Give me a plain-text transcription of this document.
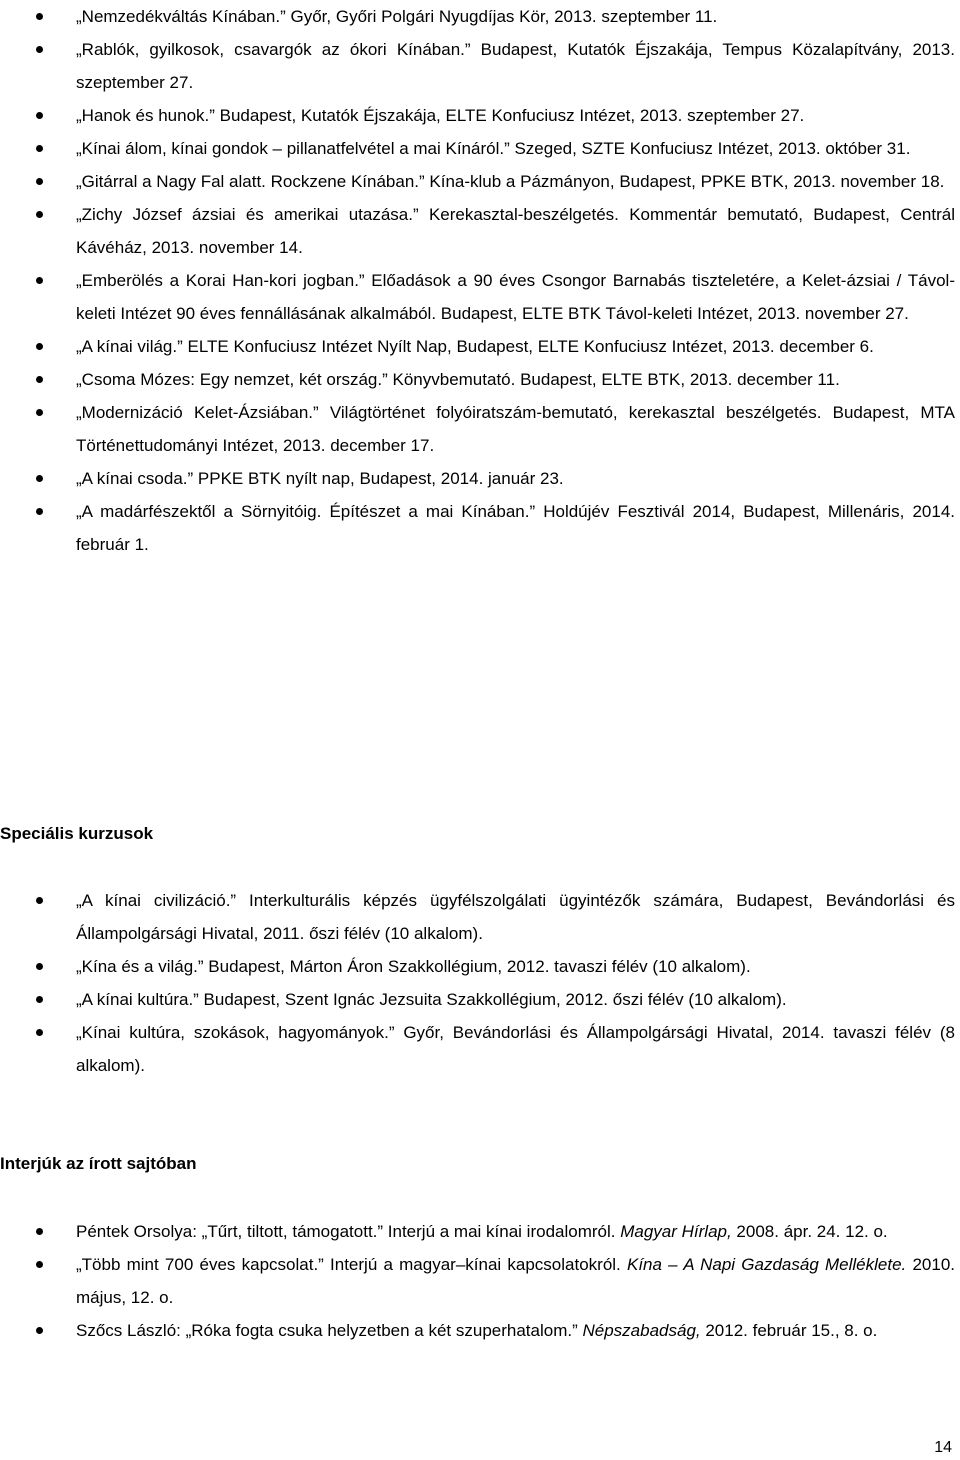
„Nemzedékváltás Kínában.” Győr, Győri Polgári Nyugdíjas Kör, 2013. szeptember 11.
„Rablók, gyilkosok, csavargók az ókori Kínában.” Budapest, Kutatók Éjszakája, Tempus Közalapítvány, 2013. szeptember 27.
„Hanok és hunok.” Budapest, Kutatók Éjszakája, ELTE Konfuciusz Intézet, 2013. szeptember 27.
„Kínai álom, kínai gondok – pillanatfelvétel a mai Kínáról.” Szeged, SZTE Konfuciusz Intézet, 2013. október 31.
„Gitárral a Nagy Fal alatt. Rockzene Kínában.” Kína-klub a Pázmányon, Budapest, PPKE BTK, 2013. november 18.
„Zichy József ázsiai és amerikai utazása.” Kerekasztal-beszélgetés. Kommentár bemutató, Budapest, Centrál Kávéház, 2013. november 14.
„Emberölés a Korai Han-kori jogban.” Előadások a 90 éves Csongor Barnabás tiszteletére, a Kelet-ázsiai / Távol-keleti Intézet 90 éves fennállásának alkalmából. Budapest, ELTE BTK Távol-keleti Intézet, 2013. november 27.
„A kínai világ.” ELTE Konfuciusz Intézet Nyílt Nap, Budapest, ELTE Konfuciusz Intézet, 2013. december 6.
„Csoma Mózes: Egy nemzet, két ország.” Könyvbemutató. Budapest, ELTE BTK, 2013. december 11.
„Modernizáció Kelet-Ázsiában.” Világtörténet folyóiratszám-bemutató, kerekasztal beszélgetés. Budapest, MTA Történettudományi Intézet, 2013. december 17.
„A kínai csoda.” PPKE BTK nyílt nap, Budapest, 2014. január 23.
„A madárfészektől a Sörnyitóig. Építészet a mai Kínában.” Holdújév Fesztivál 2014, Budapest, Millenáris, 2014. február 1.
Speciális kurzusok
„A kínai civilizáció.” Interkulturális képzés ügyfélszolgálati ügyintézők számára, Budapest, Bevándorlási és Állampolgársági Hivatal, 2011. őszi félév (10 alkalom).
„Kína és a világ.” Budapest, Márton Áron Szakkollégium, 2012. tavaszi félév (10 alkalom).
„A kínai kultúra.” Budapest, Szent Ignác Jezsuita Szakkollégium, 2012. őszi félév (10 alkalom).
„Kínai kultúra, szokások, hagyományok.” Győr, Bevándorlási és Állampolgársági Hivatal, 2014. tavaszi félév (8 alkalom).
Interjúk az írott sajtóban
Péntek Orsolya: „Tűrt, tiltott, támogatott.” Interjú a mai kínai irodalomról. Magyar Hírlap, 2008. ápr. 24. 12. o.
„Több mint 700 éves kapcsolat.” Interjú a magyar–kínai kapcsolatokról. Kína – A Napi Gazdaság Melléklete. 2010. május, 12. o.
Szőcs László: „Róka fogta csuka helyzetben a két szuperhatalom.” Népszabadság, 2012. február 15., 8. o.
14
